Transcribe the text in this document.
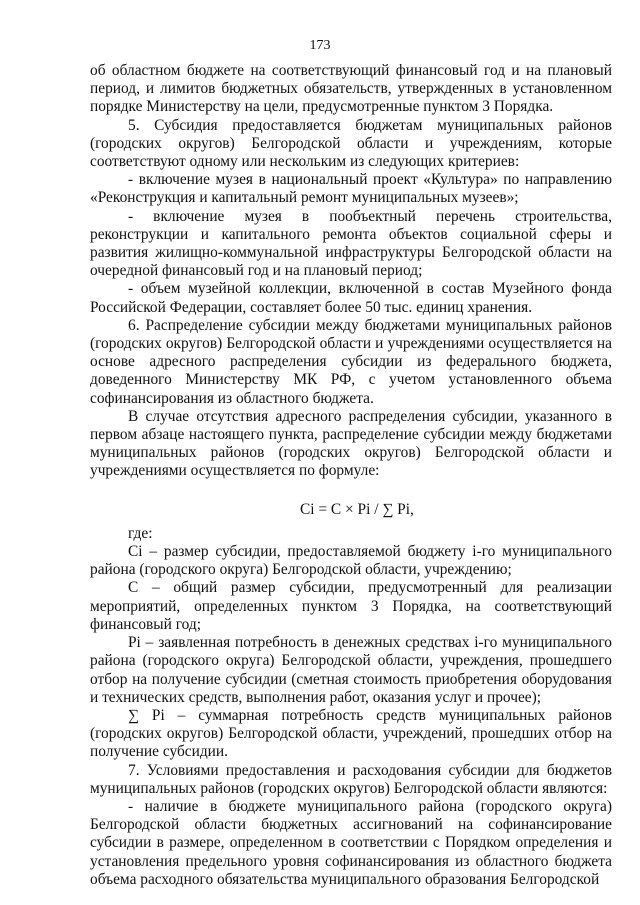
173

об областном бюджете на соответствующий финансовый год и на плановый период, и лимитов бюджетных обязательств, утвержденных в установленном порядке Министерству на цели, предусмотренные пунктом 3 Порядка.

5. Субсидия предоставляется бюджетам муниципальных районов (городских округов) Белгородской области и учреждениям, которые соответствуют одному или нескольким из следующих критериев:

- включение музея в национальный проект «Культура» по направлению «Реконструкция и капитальный ремонт муниципальных музеев»;

- включение музея в пообъектный перечень строительства, реконструкции и капитального ремонта объектов социальной сферы и развития жилищно-коммунальной инфраструктуры Белгородской области на очередной финансовый год и на плановый период;

- объем музейной коллекции, включенной в состав Музейного фонда Российской Федерации, составляет более 50 тыс. единиц хранения.

6. Распределение субсидии между бюджетами муниципальных районов (городских округов) Белгородской области и учреждениями осуществляется на основе адресного распределения субсидии из федерального бюджета, доведенного Министерству МК РФ, с учетом установленного объема софинансирования из областного бюджета.

В случае отсутствия адресного распределения субсидии, указанного в первом абзаце настоящего пункта, распределение субсидии между бюджетами муниципальных районов (городских округов) Белгородской области и учреждениями осуществляется по формуле:

Ci = C × Pi / ∑ Pi,

где:

Ci – размер субсидии, предоставляемой бюджету i-го муниципального района (городского округа) Белгородской области, учреждению;

C – общий размер субсидии, предусмотренный для реализации мероприятий, определенных пунктом 3 Порядка, на соответствующий финансовый год;

Pi – заявленная потребность в денежных средствах i-го муниципального района (городского округа) Белгородской области, учреждения, прошедшего отбор на получение субсидии (сметная стоимость приобретения оборудования и технических средств, выполнения работ, оказания услуг и прочее);

∑ Pi – суммарная потребность средств муниципальных районов (городских округов) Белгородской области, учреждений, прошедших отбор на получение субсидии.

7. Условиями предоставления и расходования субсидии для бюджетов муниципальных районов (городских округов) Белгородской области являются:

- наличие в бюджете муниципального района (городского округа) Белгородской области бюджетных ассигнований на софинансирование субсидии в размере, определенном в соответствии с Порядком определения и установления предельного уровня софинансирования из областного бюджета объема расходного обязательства муниципального образования Белгородской
